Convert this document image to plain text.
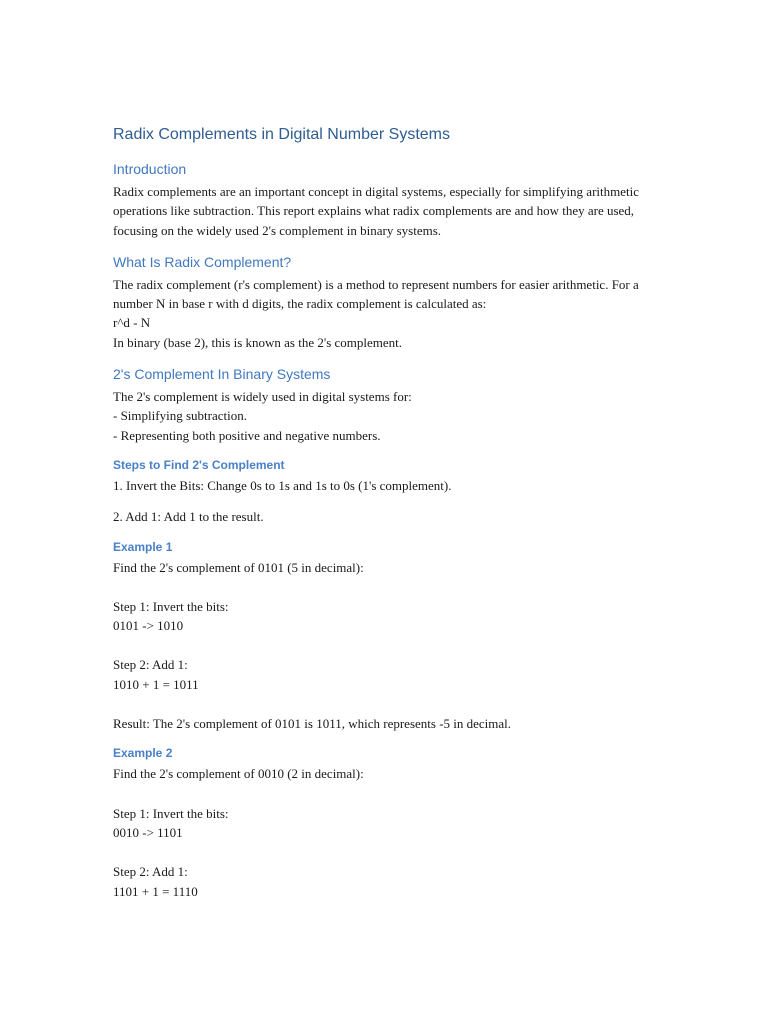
Radix Complements in Digital Number Systems
Introduction

Radix complements are an important concept in digital systems, especially for simplifying arithmetic operations like subtraction. This report explains what radix complements are and how they are used, focusing on the widely used 2's complement in binary systems.

What Is Radix Complement?

The radix complement (r's complement) is a method to represent numbers for easier arithmetic. For a number N in base r with d digits, the radix complement is calculated as:
r^d - N
In binary (base 2), this is known as the 2's complement.

2's Complement In Binary Systems

The 2's complement is widely used in digital systems for:
- Simplifying subtraction.
- Representing both positive and negative numbers.

Steps to Find 2's Complement

1. Invert the Bits: Change 0s to 1s and 1s to 0s (1's complement).

2. Add 1: Add 1 to the result.

Example 1

Find the 2's complement of 0101 (5 in decimal):

Step 1: Invert the bits:
0101 -> 1010

Step 2: Add 1:
1010 + 1 = 1011

Result: The 2's complement of 0101 is 1011, which represents -5 in decimal.

Example 2

Find the 2's complement of 0010 (2 in decimal):

Step 1: Invert the bits:
0010 -> 1101

Step 2: Add 1:
1101 + 1 = 1110
